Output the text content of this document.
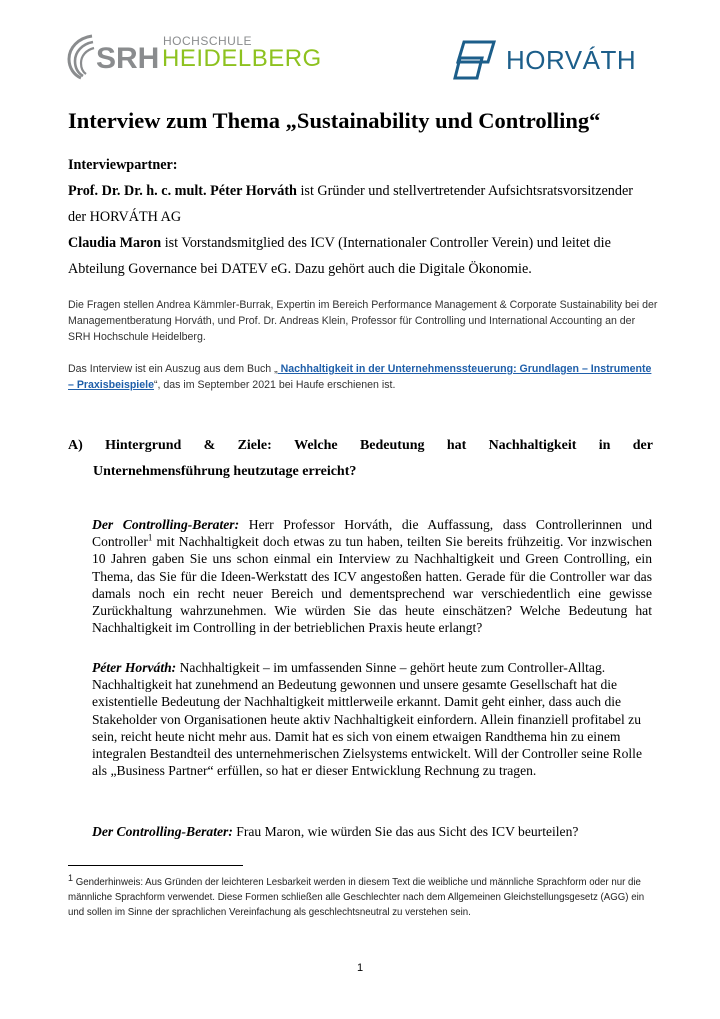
SRH
HOCHSCHULE
HEIDELBERG	HORVÁTH
Interview zum Thema „Sustainability und Controlling“
Interviewpartner:
Prof. Dr. Dr. h. c. mult. Péter Horváth ist Gründer und stellvertretender Aufsichtsratsvorsitzender der HORVÁTH AG
Claudia Maron ist Vorstandsmitglied des ICV (Internationaler Controller Verein) und leitet die Abteilung Governance bei DATEV eG. Dazu gehört auch die Digitale Ökonomie.
Die Fragen stellen Andrea Kämmler-Burrak, Expertin im Bereich Performance Management & Corporate Sustainability bei der Managementberatung Horváth, und Prof. Dr. Andreas Klein, Professor für Controlling und International Accounting an der SRH Hochschule Heidelberg.
Das Interview ist ein Auszug aus dem Buch „ Nachhaltigkeit in der Unternehmenssteuerung: Grundlagen – Instrumente – Praxisbeispiele“, das im September 2021 bei Haufe erschienen ist.
A) Hintergrund & Ziele: Welche Bedeutung hat Nachhaltigkeit in der
Unternehmensführung heutzutage erreicht?
Der Controlling-Berater: Herr Professor Horváth, die Auffassung, dass Controllerinnen und Controller$^1$ mit Nachhaltigkeit doch etwas zu tun haben, teilten Sie bereits frühzeitig. Vor inzwischen 10 Jahren gaben Sie uns schon einmal ein Interview zu Nachhaltigkeit und Green Controlling, ein Thema, das Sie für die Ideen-Werkstatt des ICV angestoßen hatten. Gerade für die Controller war das damals noch ein recht neuer Bereich und dementsprechend war verschiedentlich eine gewisse Zurückhaltung wahrzunehmen. Wie würden Sie das heute einschätzen? Welche Bedeutung hat Nachhaltigkeit im Controlling in der betrieblichen Praxis heute erlangt?
Péter Horváth: Nachhaltigkeit – im umfassenden Sinne – gehört heute zum Controller-Alltag. Nachhaltigkeit hat zunehmend an Bedeutung gewonnen und unsere gesamte Gesellschaft hat die existentielle Bedeutung der Nachhaltigkeit mittlerweile erkannt. Damit geht einher, dass auch die Stakeholder von Organisationen heute aktiv Nachhaltigkeit einfordern. Allein finanziell profitabel zu sein, reicht heute nicht mehr aus. Damit hat es sich von einem etwaigen Randthema hin zu einem integralen Bestandteil des unternehmerischen Zielsystems entwickelt. Will der Controller seine Rolle als „Business Partner“ erfüllen, so hat er dieser Entwicklung Rechnung zu tragen.
Der Controlling-Berater: Frau Maron, wie würden Sie das aus Sicht des ICV beurteilen?
$^1$ Genderhinweis: Aus Gründen der leichteren Lesbarkeit werden in diesem Text die weibliche und männliche Sprachform oder nur die männliche Sprachform verwendet. Diese Formen schließen alle Geschlechter nach dem Allgemeinen Gleichstellungsgesetz (AGG) ein und sollen im Sinne der sprachlichen Vereinfachung als geschlechtsneutral zu verstehen sein.
1
